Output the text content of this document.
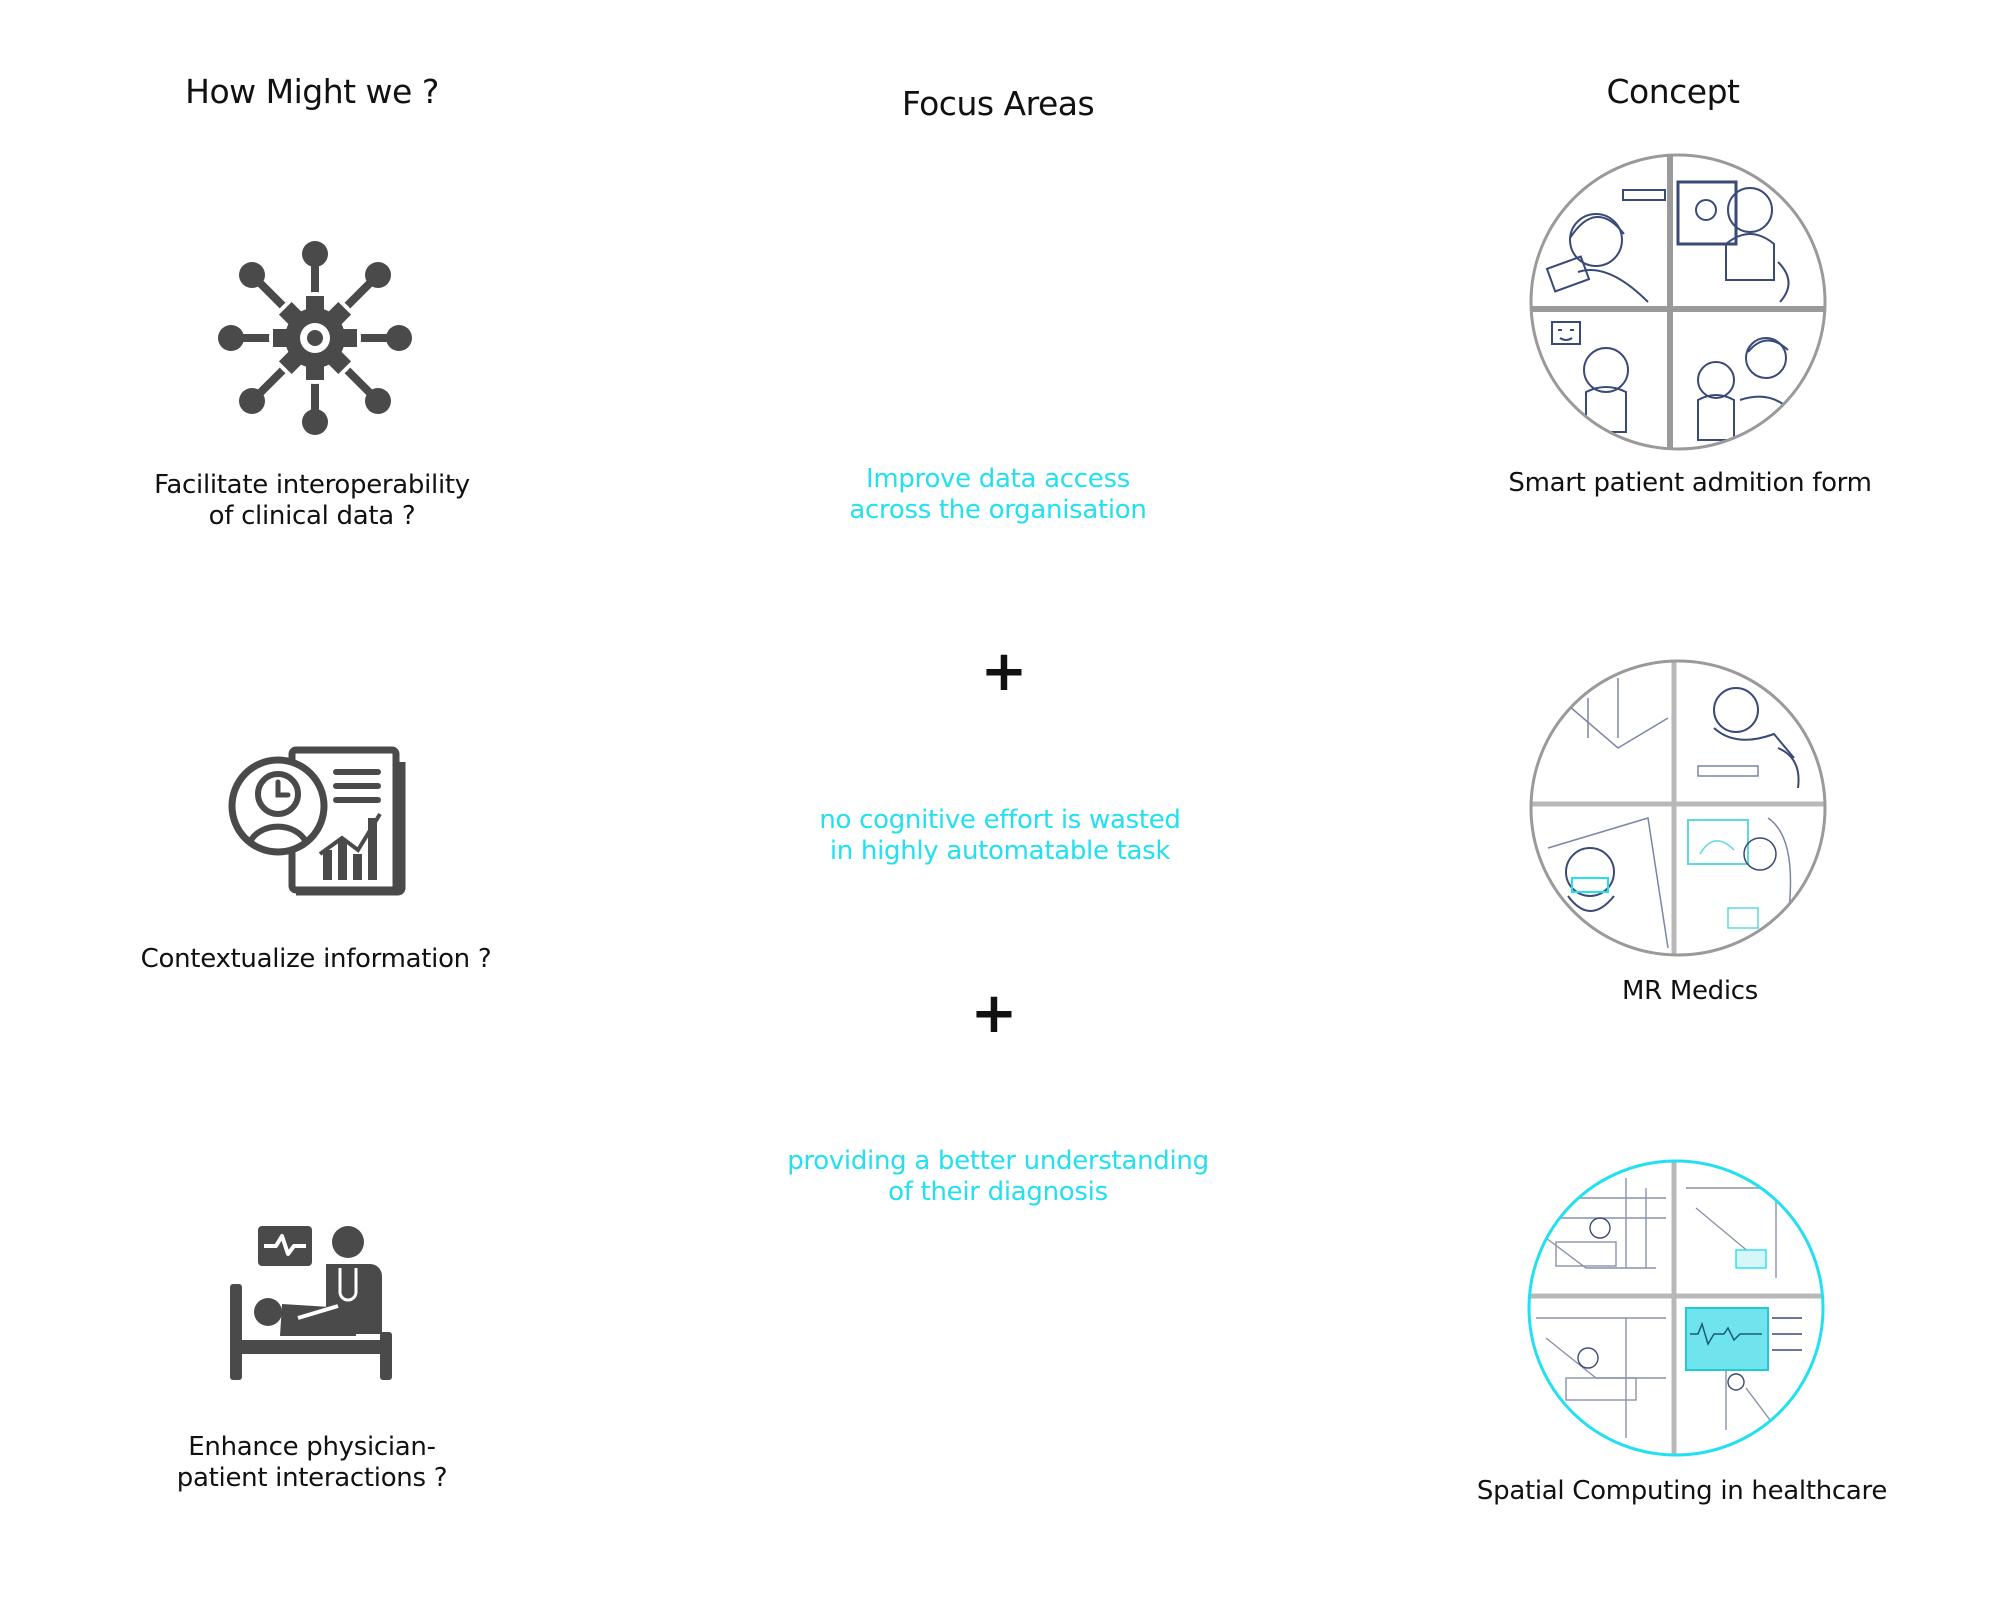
How Might we ?	Focus Areas	Concept
Facilitate interoperability
of clinical data ?
Contextualize information ?
Enhance physician-
patient interactions ?
Improve data access
across the organisation
+
no cognitive effort is wasted
in highly automatable task
+
providing a better understanding
of their diagnosis
Smart patient admition form
MR Medics
Spatial Computing in healthcare
